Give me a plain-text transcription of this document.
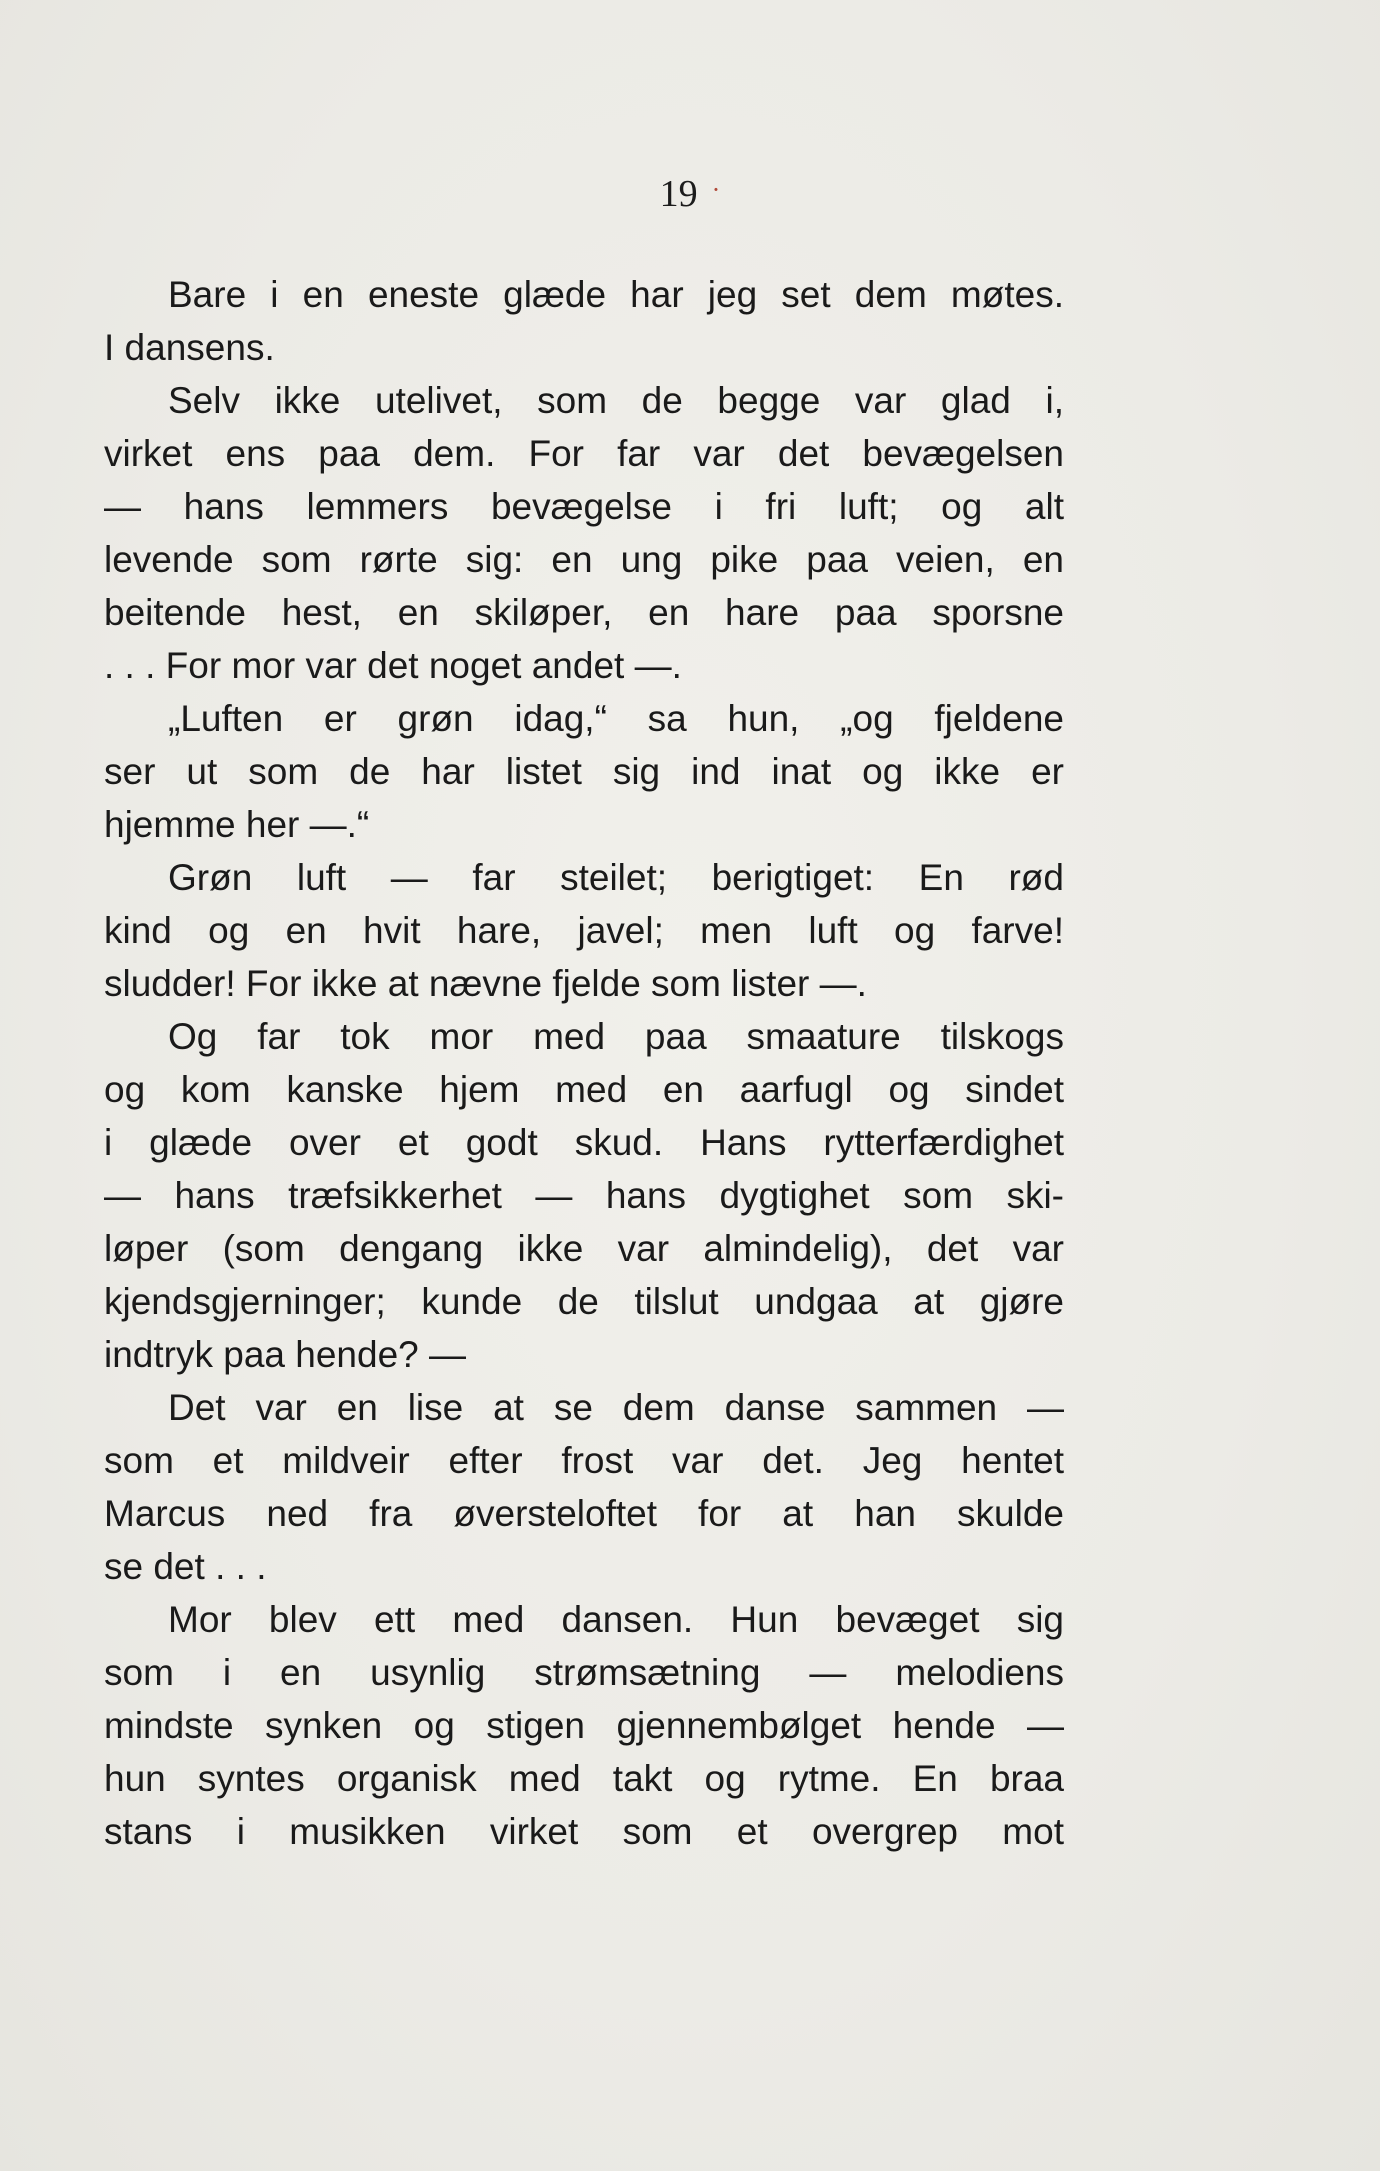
19 ·
Bare i en eneste glæde har jeg set dem møtes.
I dansens.
Selv ikke utelivet, som de begge var glad i,
virket ens paa dem. For far var det bevægelsen
— hans lemmers bevægelse i fri luft; og alt
levende som rørte sig: en ung pike paa veien, en
beitende hest, en skiløper, en hare paa sporsne
. . . For mor var det noget andet —.
„Luften er grøn idag,“ sa hun, „og fjeldene
ser ut som de har listet sig ind inat og ikke er
hjemme her —.“
Grøn luft — far steilet; berigtiget: En rød
kind og en hvit hare, javel; men luft og farve!
sludder! For ikke at nævne fjelde som lister —.
Og far tok mor med paa smaature tilskogs
og kom kanske hjem med en aarfugl og sindet
i glæde over et godt skud. Hans rytterfærdighet
— hans træfsikkerhet — hans dygtighet som ski-
løper (som dengang ikke var almindelig), det var
kjendsgjerninger; kunde de tilslut undgaa at gjøre
indtryk paa hende? —
Det var en lise at se dem danse sammen —
som et mildveir efter frost var det. Jeg hentet
Marcus ned fra øversteloftet for at han skulde
se det . . .
Mor blev ett med dansen. Hun bevæget sig
som i en usynlig strømsætning — melodiens
mindste synken og stigen gjennembølget hende —
hun syntes organisk med takt og rytme. En braa
stans i musikken virket som et overgrep mot
